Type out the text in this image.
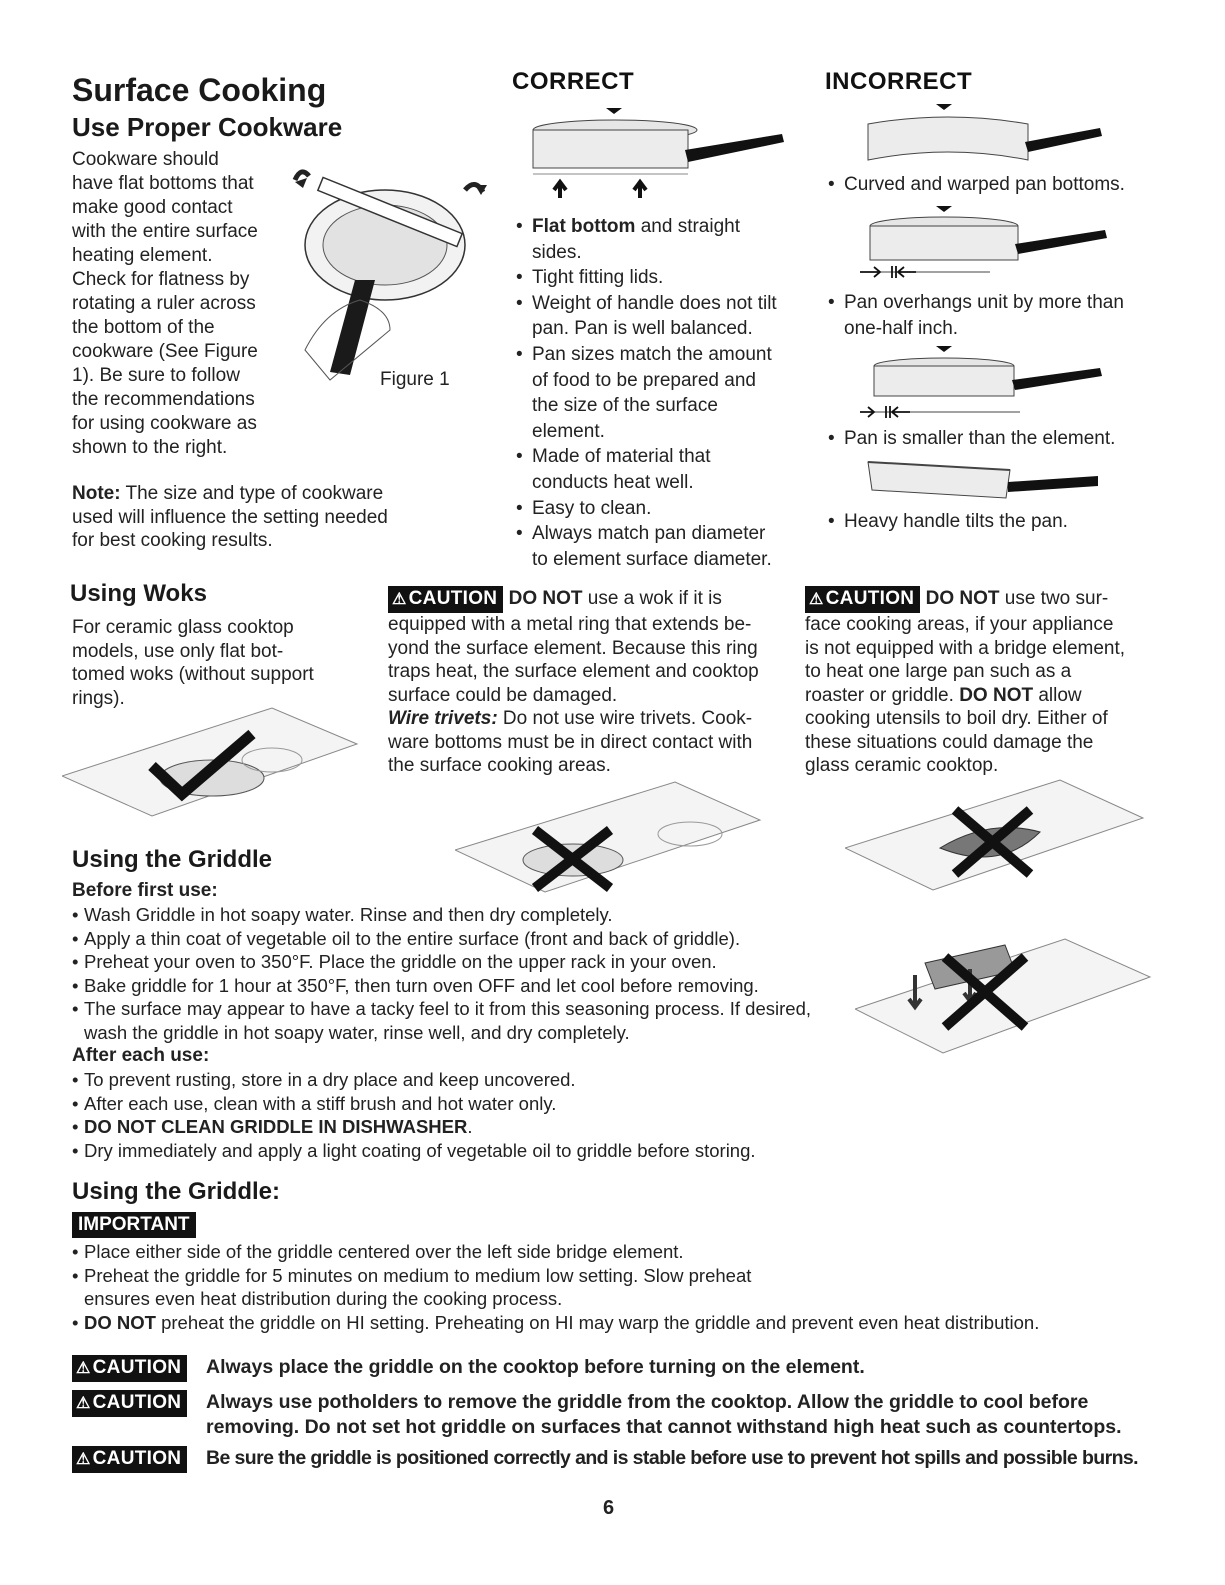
Surface Cooking
Use Proper Cookware
Cookware should
have flat bottoms that
make good contact
with the entire surface
heating element.
Check for flatness by
rotating a ruler across
the bottom of the
cookware (See Figure
1). Be sure to follow
the recommendations
for using cookware as
shown to the right.
Figure 1
Note: The size and type of cookware
used will influence the setting needed
for best cooking results.
CORRECT
• Flat bottom and straight
sides.
• Tight fitting lids.
• Weight of handle does not tilt
pan. Pan is well balanced.
• Pan sizes match the amount
of food to be prepared and
the size of the surface
element.
• Made of material that
conducts heat well.
• Easy to clean.
• Always match pan diameter
to element surface diameter.
INCORRECT
• Curved and warped pan bottoms.
• Pan overhangs unit by more than
one-half inch.
• Pan is smaller than the element.
• Heavy handle tilts the pan.
Using Woks
For ceramic glass cooktop
models, use only flat bot-
tomed woks (without support
rings).
⚠ CAUTION DO NOT use a wok if it is
equipped with a metal ring that extends be-
yond the surface element. Because this ring
traps heat, the surface element and cooktop
surface could be damaged.
Wire trivets: Do not use wire trivets. Cook-
ware bottoms must be in direct contact with
the surface cooking areas.
⚠ CAUTION DO NOT use two sur-
face cooking areas, if your appliance
is not equipped with a bridge element,
to heat one large pan such as a
roaster or griddle. DO NOT allow
cooking utensils to boil dry. Either of
these situations could damage the
glass ceramic cooktop.
Using the Griddle
Before first use:
• Wash Griddle in hot soapy water. Rinse and then dry completely.
• Apply a thin coat of vegetable oil to the entire surface (front and back of griddle).
• Preheat your oven to 350°F. Place the griddle on the upper rack in your oven.
• Bake griddle for 1 hour at 350°F, then turn oven OFF and let cool before removing.
• The surface may appear to have a tacky feel to it from this seasoning process. If desired,
wash the griddle in hot soapy water, rinse well, and dry completely.
After each use:
• To prevent rusting, store in a dry place and keep uncovered.
• After each use, clean with a stiff brush and hot water only.
• DO NOT CLEAN GRIDDLE IN DISHWASHER.
• Dry immediately and apply a light coating of vegetable oil to griddle before storing.
Using the Griddle:
IMPORTANT
• Place either side of the griddle centered over the left side bridge element.
• Preheat the griddle for 5 minutes on medium to medium low setting. Slow preheat
ensures even heat distribution during the cooking process.
• DO NOT preheat the griddle on HI setting. Preheating on HI may warp the griddle and prevent even heat distribution.
⚠ CAUTION	Always place the griddle on the cooktop before turning on the element.
⚠ CAUTION	Always use potholders to remove the griddle from the cooktop. Allow the griddle to cool before
removing. Do not set hot griddle on surfaces that cannot withstand high heat such as countertops.
⚠ CAUTION	Be sure the griddle is positioned correctly and is stable before use to prevent hot spills and possible burns.
6
